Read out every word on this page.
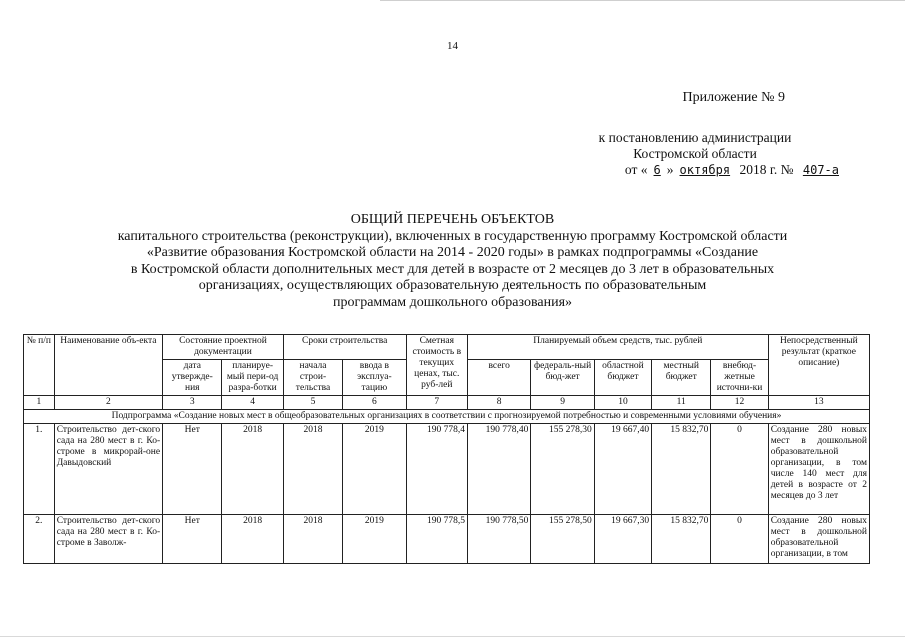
14
Приложение № 9
к постановлению администрации
Костромской области
от « 6 » октября 2018 г. № 407-а
ОБЩИЙ ПЕРЕЧЕНЬ ОБЪЕКТОВ
капитального строительства (реконструкции), включенных в государственную программу Костромской области
«Развитие образования Костромской области на 2014 - 2020 годы» в рамках подпрограммы «Создание
в Костромской области дополнительных мест для детей в возрасте от 2 месяцев до 3 лет в образовательных
организациях, осуществляющих образовательную деятельность по образовательным
программам дошкольного образования»
№ п/п	Наименование объ-екта	Состояние проектной документации		Сроки строительства		Сметная стоимость в текущих ценах, тыс. руб-лей	Планируемый объем средств, тыс. рублей					Непосредственный результат (краткое описание)
		дата утвержде-ния	планируе-мый пери-од разра-ботки	начала строи-тельства	ввода в эксплуа-тацию		всего	федераль-ный бюд-жет	областной бюджет	местный бюджет	внебюд-жетные источни-ки	
1	2	3	4	5	6	7	8	9	10	11	12	13
Подпрограмма «Создание новых мест в общеобразовательных организациях в соответствии с прогнозируемой потребностью и современными условиями обучения»												
1.	Строительство дет-ского сада на 280 мест в г. Ко-строме в микрорай-оне Давыдовский	Нет	2018	2018	2019	190 778,4	190 778,40	155 278,30	19 667,40	15 832,70	0	Создание 280 новых мест в дошкольной образовательной организации, в том числе 140 мест для детей в возрасте от 2 месяцев до 3 лет
2.	Строительство дет-ского сада на 280 мест в г. Ко-строме в Заволж-	Нет	2018	2018	2019	190 778,5	190 778,50	155 278,50	19 667,30	15 832,70	0	Создание 280 новых мест в дошкольной образовательной организации, в том
